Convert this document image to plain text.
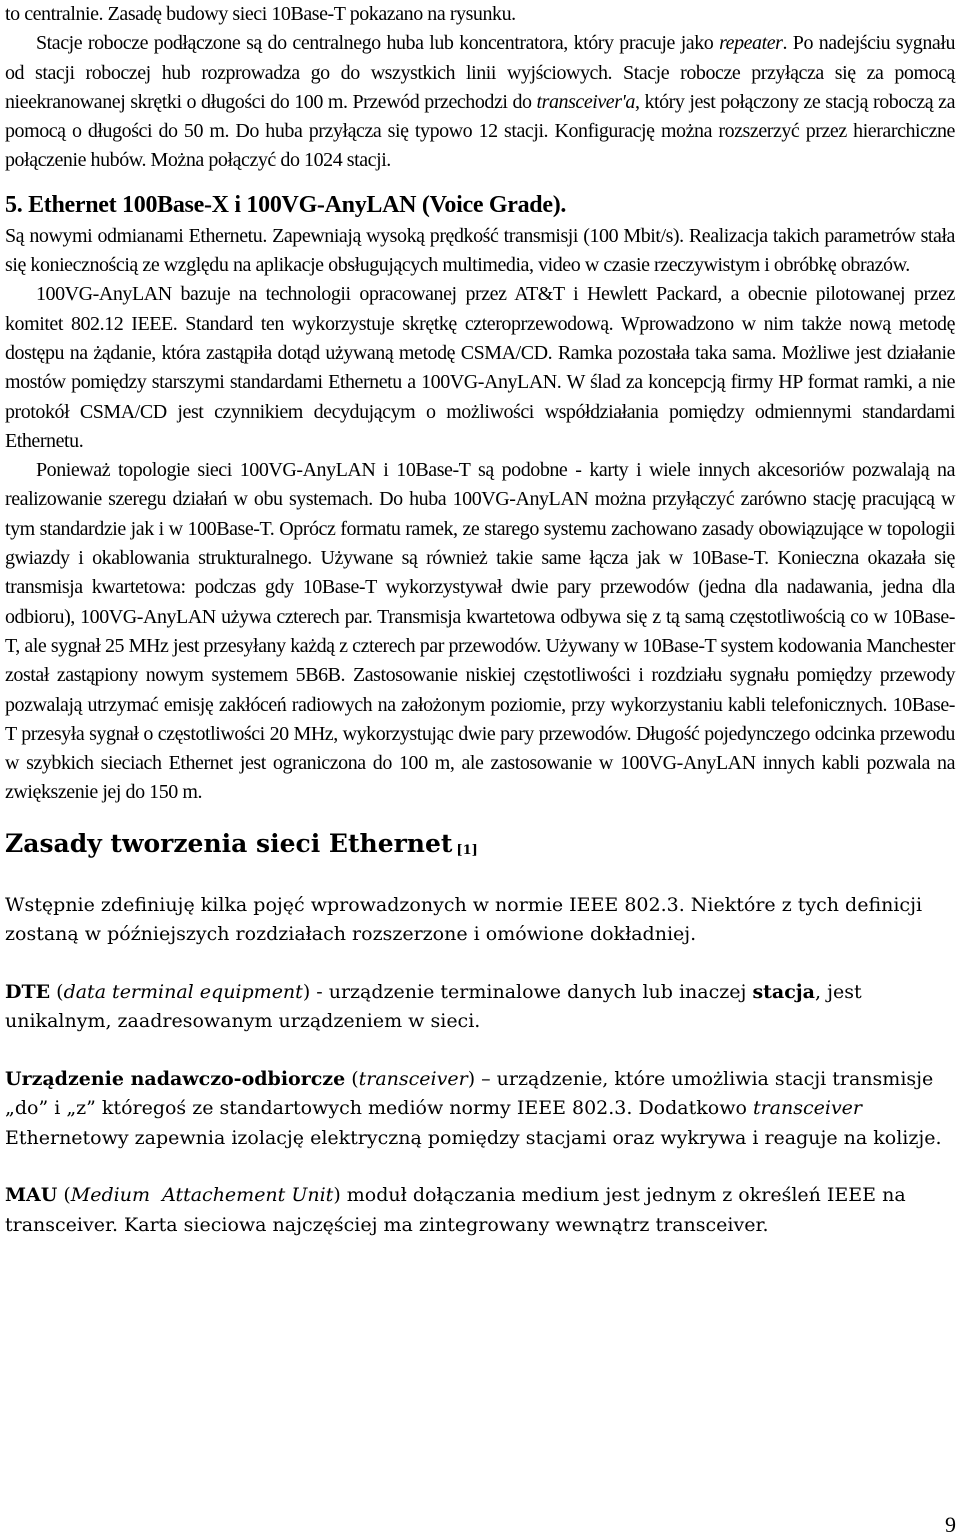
to centralnie. Zasadę budowy sieci 10Base-T pokazano na rysunku.

Stacje robocze podłączone są do centralnego huba lub koncentratora, który pracuje jako repeater. Po nadejściu sygnału od stacji roboczej hub rozprowadza go do wszystkich linii wyjściowych. Stacje robocze przyłącza się za pomocą nieekranowanej skrętki o długości do 100 m. Przewód przechodzi do transceiver'a, który jest połączony ze stacją roboczą za pomocą o długości do 50 m. Do huba przyłącza się typowo 12 stacji. Konfigurację można rozszerzyć przez hierarchiczne połączenie hubów. Można połączyć do 1024 stacji.

5. Ethernet 100Base-X i 100VG-AnyLAN (Voice Grade).

Są nowymi odmianami Ethernetu. Zapewniają wysoką prędkość transmisji (100 Mbit/s). Realizacja takich parametrów stała się koniecznością ze względu na aplikacje obsługujących multimedia, video w czasie rzeczywistym i obróbkę obrazów.

100VG-AnyLAN bazuje na technologii opracowanej przez AT&T i Hewlett Packard, a obecnie pilotowanej przez komitet 802.12 IEEE. Standard ten wykorzystuje skrętkę czteroprzewodową. Wprowadzono w nim także nową metodę dostępu na żądanie, która zastąpiła dotąd używaną metodę CSMA/CD. Ramka pozostała taka sama. Możliwe jest działanie mostów pomiędzy starszymi standardami Ethernetu a 100VG-AnyLAN. W ślad za koncepcją firmy HP format ramki, a nie protokół CSMA/CD jest czynnikiem decydującym o możliwości współdziałania pomiędzy odmiennymi standardami Ethernetu.

Ponieważ topologie sieci 100VG-AnyLAN i 10Base-T są podobne - karty i wiele innych akcesoriów pozwalają na realizowanie szeregu działań w obu systemach. Do huba 100VG-AnyLAN można przyłączyć zarówno stację pracującą w tym standardzie jak i w 100Base-T. Oprócz formatu ramek, ze starego systemu zachowano zasady obowiązujące w topologii gwiazdy i okablowania strukturalnego. Używane są również takie same łącza jak w 10Base-T. Konieczna okazała się transmisja kwartetowa: podczas gdy 10Base-T wykorzystywał dwie pary przewodów (jedna dla nadawania, jedna dla odbioru), 100VG-AnyLAN używa czterech par. Transmisja kwartetowa odbywa się z tą samą częstotliwością co w 10Base-T, ale sygnał 25 MHz jest przesyłany każdą z czterech par przewodów. Używany w 10Base-T system kodowania Manchester został zastąpiony nowym systemem 5B6B. Zastosowanie niskiej częstotliwości i rozdziału sygnału pomiędzy przewody pozwalają utrzymać emisję zakłóceń radiowych na założonym poziomie, przy wykorzystaniu kabli telefonicznych. 10Base-T przesyła sygnał o częstotliwości 20 MHz, wykorzystując dwie pary przewodów. Długość pojedynczego odcinka przewodu w szybkich sieciach Ethernet jest ograniczona do 100 m, ale zastosowanie w 100VG-AnyLAN innych kabli pozwala na zwiększenie jej do 150 m.

Zasady tworzenia sieci Ethernet $_{[1]}$

Wstępnie zdefiniuję kilka pojęć wprowadzonych w normie IEEE 802.3. Niektóre z tych definicji zostaną w późniejszych rozdziałach rozszerzone i omówione dokładniej.

DTE (data terminal equipment) - urządzenie terminalowe danych lub inaczej stacja, jest unikalnym, zaadresowanym urządzeniem w sieci.

Urządzenie nadawczo-odbiorcze (transceiver) – urządzenie, które umożliwia stacji transmisje „do” i „z” któregoś ze standartowych mediów normy IEEE 802.3. Dodatkowo transceiver Ethernetowy zapewnia izolację elektryczną pomiędzy stacjami oraz wykrywa i reaguje na kolizje.

MAU (Medium  Attachement Unit) moduł dołączania medium jest jednym z określeń IEEE na transceiver. Karta sieciowa najczęściej ma zintegrowany wewnątrz transceiver.

9
